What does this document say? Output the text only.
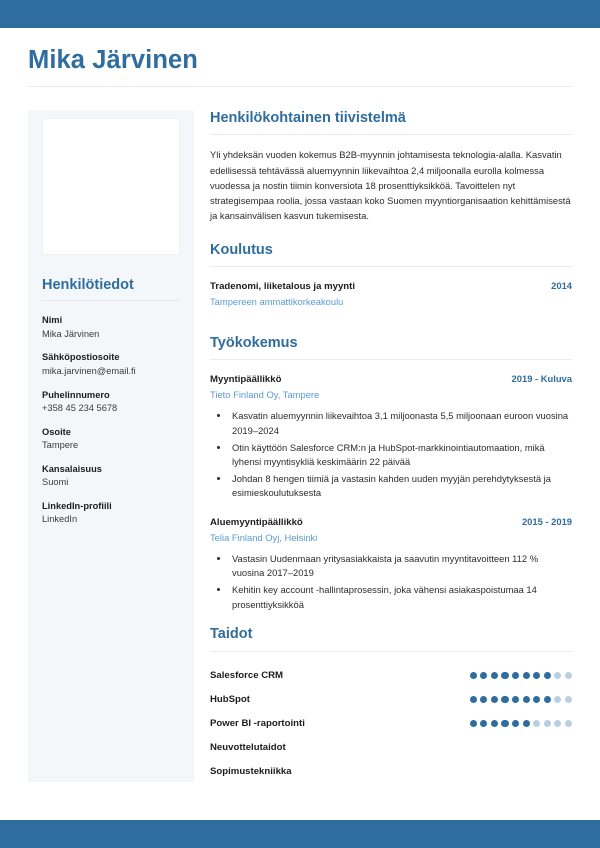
Mika Järvinen
Henkilötiedot
Nimi
Mika Järvinen
Sähköpostiosoite
mika.jarvinen@email.fi
Puhelinnumero
+358 45 234 5678
Osoite
Tampere
Kansalaisuus
Suomi
LinkedIn-profiili
LinkedIn
Henkilökohtainen tiivistelmä

Yli yhdeksän vuoden kokemus B2B-myynnin johtamisesta teknologia-alalla. Kasvatin edellisessä tehtävässä aluemyynnin liikevaihtoa 2,4 miljoonalla eurolla kolmessa vuodessa ja nostin tiimin konversiota 18 prosenttiyksikköä. Tavoittelen nyt strategisempaa roolia, jossa vastaan koko Suomen myyntiorganisaation kehittämisestä ja kansainvälisen kasvun tukemisesta.

Koulutus
Tradenomi, liiketalous ja myynti	2014
Tampereen ammattikorkeakoulu
Työkokemus
Myyntipäällikkö	2019 - Kuluva
Tieto Finland Oy, Tampere
• Kasvatin aluemyynnin liikevaihtoa 3,1 miljoonasta 5,5 miljoonaan euroon vuosina 2019–2024
• Otin käyttöön Salesforce CRM:n ja HubSpot-markkinointiautomaation, mikä lyhensi myyntisykliä keskimäärin 22 päivää
• Johdan 8 hengen tiimiä ja vastasin kahden uuden myyjän perehdytyksestä ja esimieskoulutuksesta
Aluemyyntipäällikkö	2015 - 2019
Telia Finland Oyj, Helsinki
• Vastasin Uudenmaan yritysasiakkaista ja saavutin myyntitavoitteen 112 % vuosina 2017–2019
• Kehitin key account -hallintaprosessin, joka vähensi asiakaspoistumaa 14 prosenttiyksikköä
Taidot
Salesforce CRM
HubSpot
Power BI -raportointi
Neuvottelutaidot
Sopimustekniikka
